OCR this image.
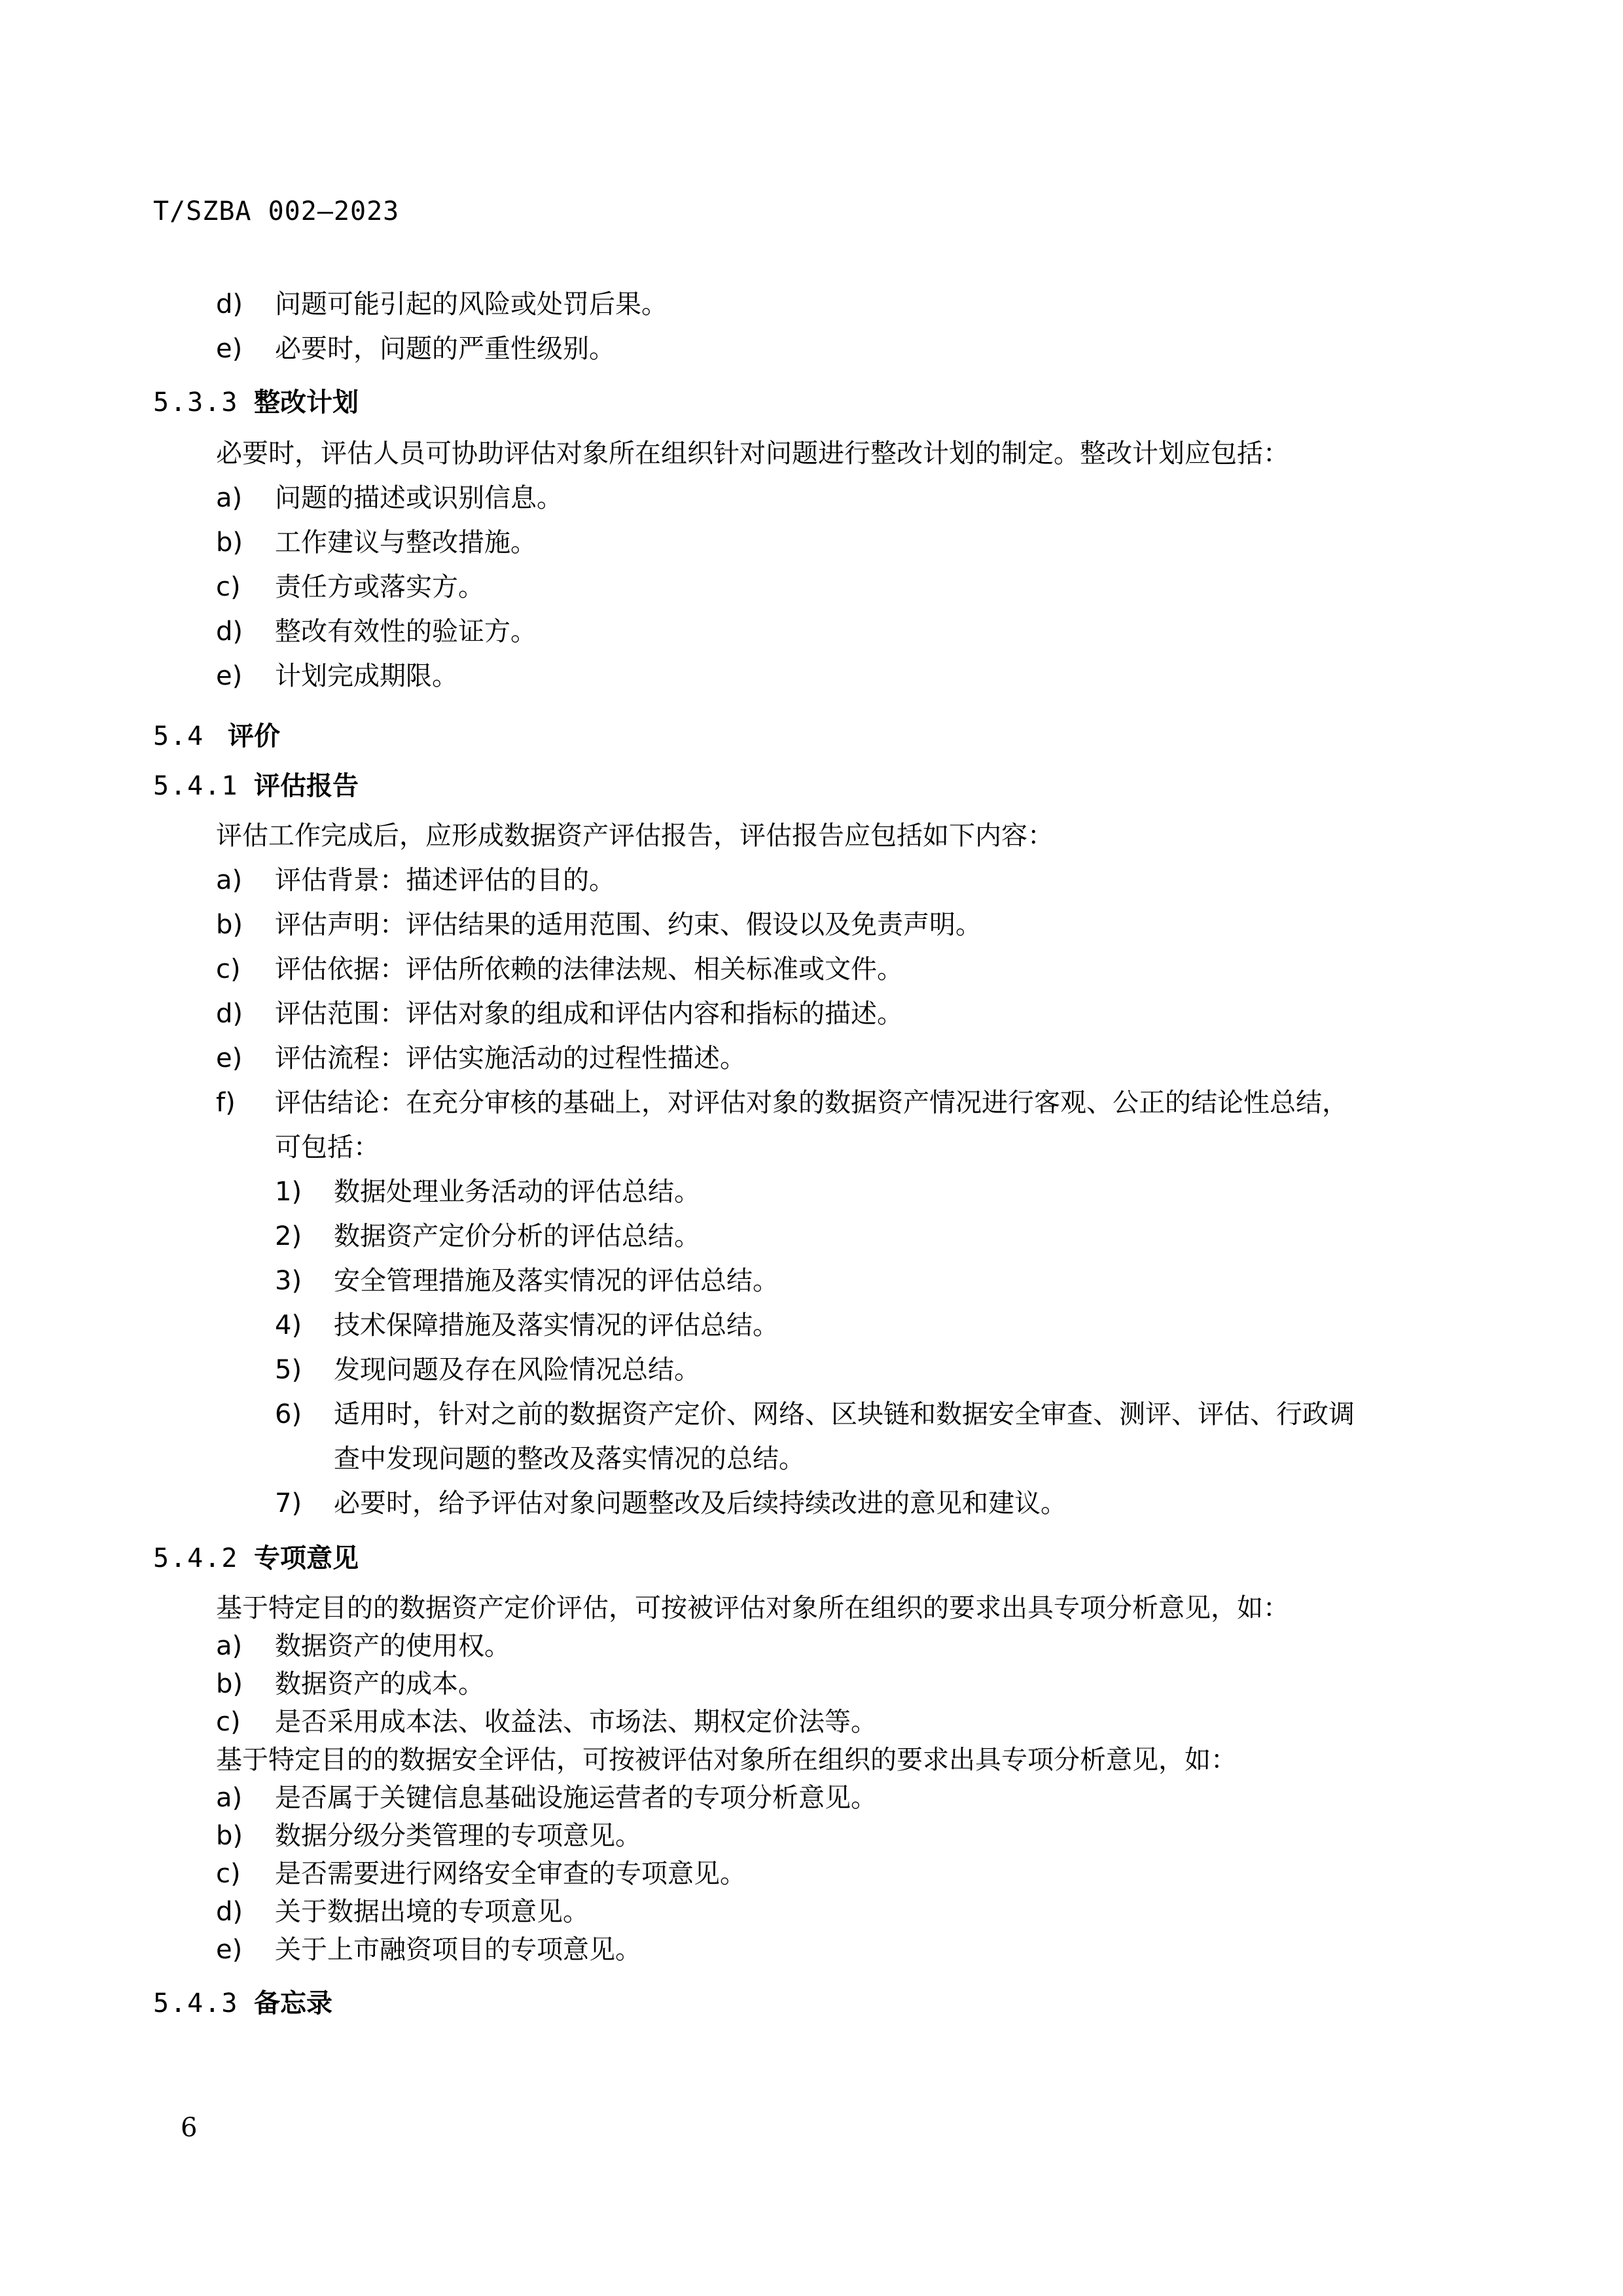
T/SZBA 002—2023
d) 问题可能引起的风险或处罚后果。
e) 必要时，问题的严重性级别。
5.3.3 整改计划
必要时，评估人员可协助评估对象所在组织针对问题进行整改计划的制定。整改计划应包括：
a) 问题的描述或识别信息。
b) 工作建议与整改措施。
c) 责任方或落实方。
d) 整改有效性的验证方。
e) 计划完成期限。
5.4 评价
5.4.1 评估报告
评估工作完成后，应形成数据资产评估报告，评估报告应包括如下内容：
a) 评估背景：描述评估的目的。
b) 评估声明：评估结果的适用范围、约束、假设以及免责声明。
c) 评估依据：评估所依赖的法律法规、相关标准或文件。
d) 评估范围：评估对象的组成和评估内容和指标的描述。
e) 评估流程：评估实施活动的过程性描述。
f) 评估结论：在充分审核的基础上，对评估对象的数据资产情况进行客观、公正的结论性总结，
可包括：
1) 数据处理业务活动的评估总结。
2) 数据资产定价分析的评估总结。
3) 安全管理措施及落实情况的评估总结。
4) 技术保障措施及落实情况的评估总结。
5) 发现问题及存在风险情况总结。
6) 适用时，针对之前的数据资产定价、网络、区块链和数据安全审查、测评、评估、行政调
查中发现问题的整改及落实情况的总结。
7) 必要时，给予评估对象问题整改及后续持续改进的意见和建议。
5.4.2 专项意见
基于特定目的的数据资产定价评估，可按被评估对象所在组织的要求出具专项分析意见，如：
a) 数据资产的使用权。
b) 数据资产的成本。
c) 是否采用成本法、收益法、市场法、期权定价法等。
基于特定目的的数据安全评估，可按被评估对象所在组织的要求出具专项分析意见，如：
a) 是否属于关键信息基础设施运营者的专项分析意见。
b) 数据分级分类管理的专项意见。
c) 是否需要进行网络安全审查的专项意见。
d) 关于数据出境的专项意见。
e) 关于上市融资项目的专项意见。
5.4.3 备忘录
6
